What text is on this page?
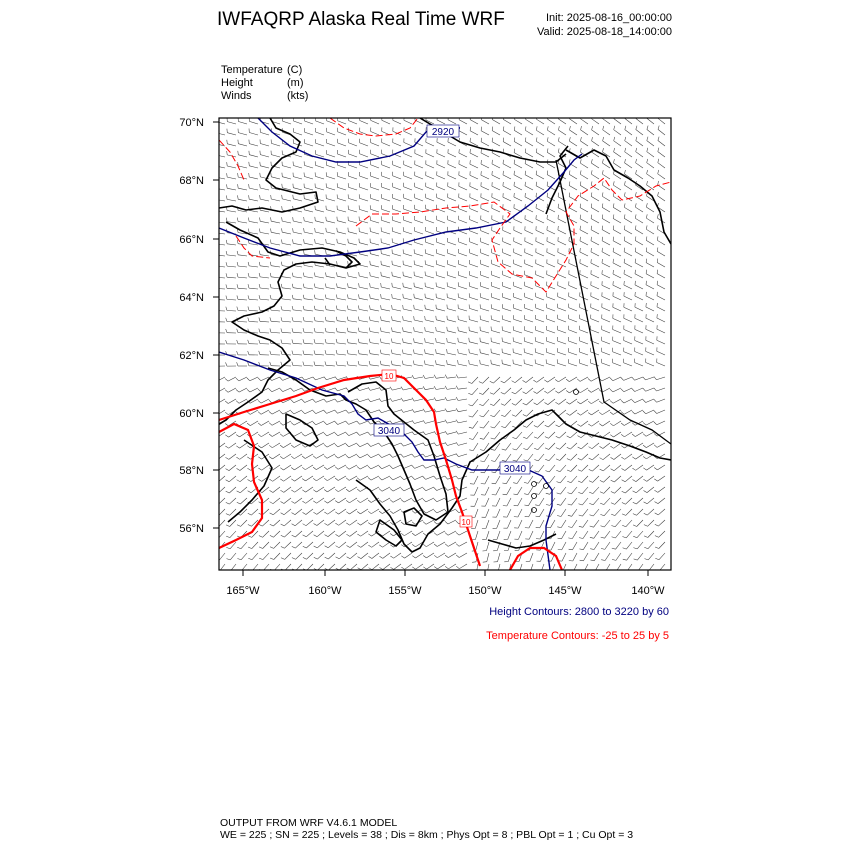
IWFAQRP Alaska Real Time WRF	Init: 2025-08-16_00:00:00
Valid: 2025-08-18_14:00:00
Temperature (C)
Height	(m)
Winds	(kts)
2920
3040
3040
10
10
70°N
68°N
66°N
64°N
62°N
60°N
58°N
56°N
165°W	160°W	155°W	150°W	145°W	140°W
Height Contours: 2800 to 3220 by 60
Temperature Contours: -25 to 25 by 5
OUTPUT FROM WRF V4.6.1 MODEL
WE = 225 ; SN = 225 ; Levels = 38 ; Dis = 8km ; Phys Opt = 8 ; PBL Opt = 1 ; Cu Opt = 3
